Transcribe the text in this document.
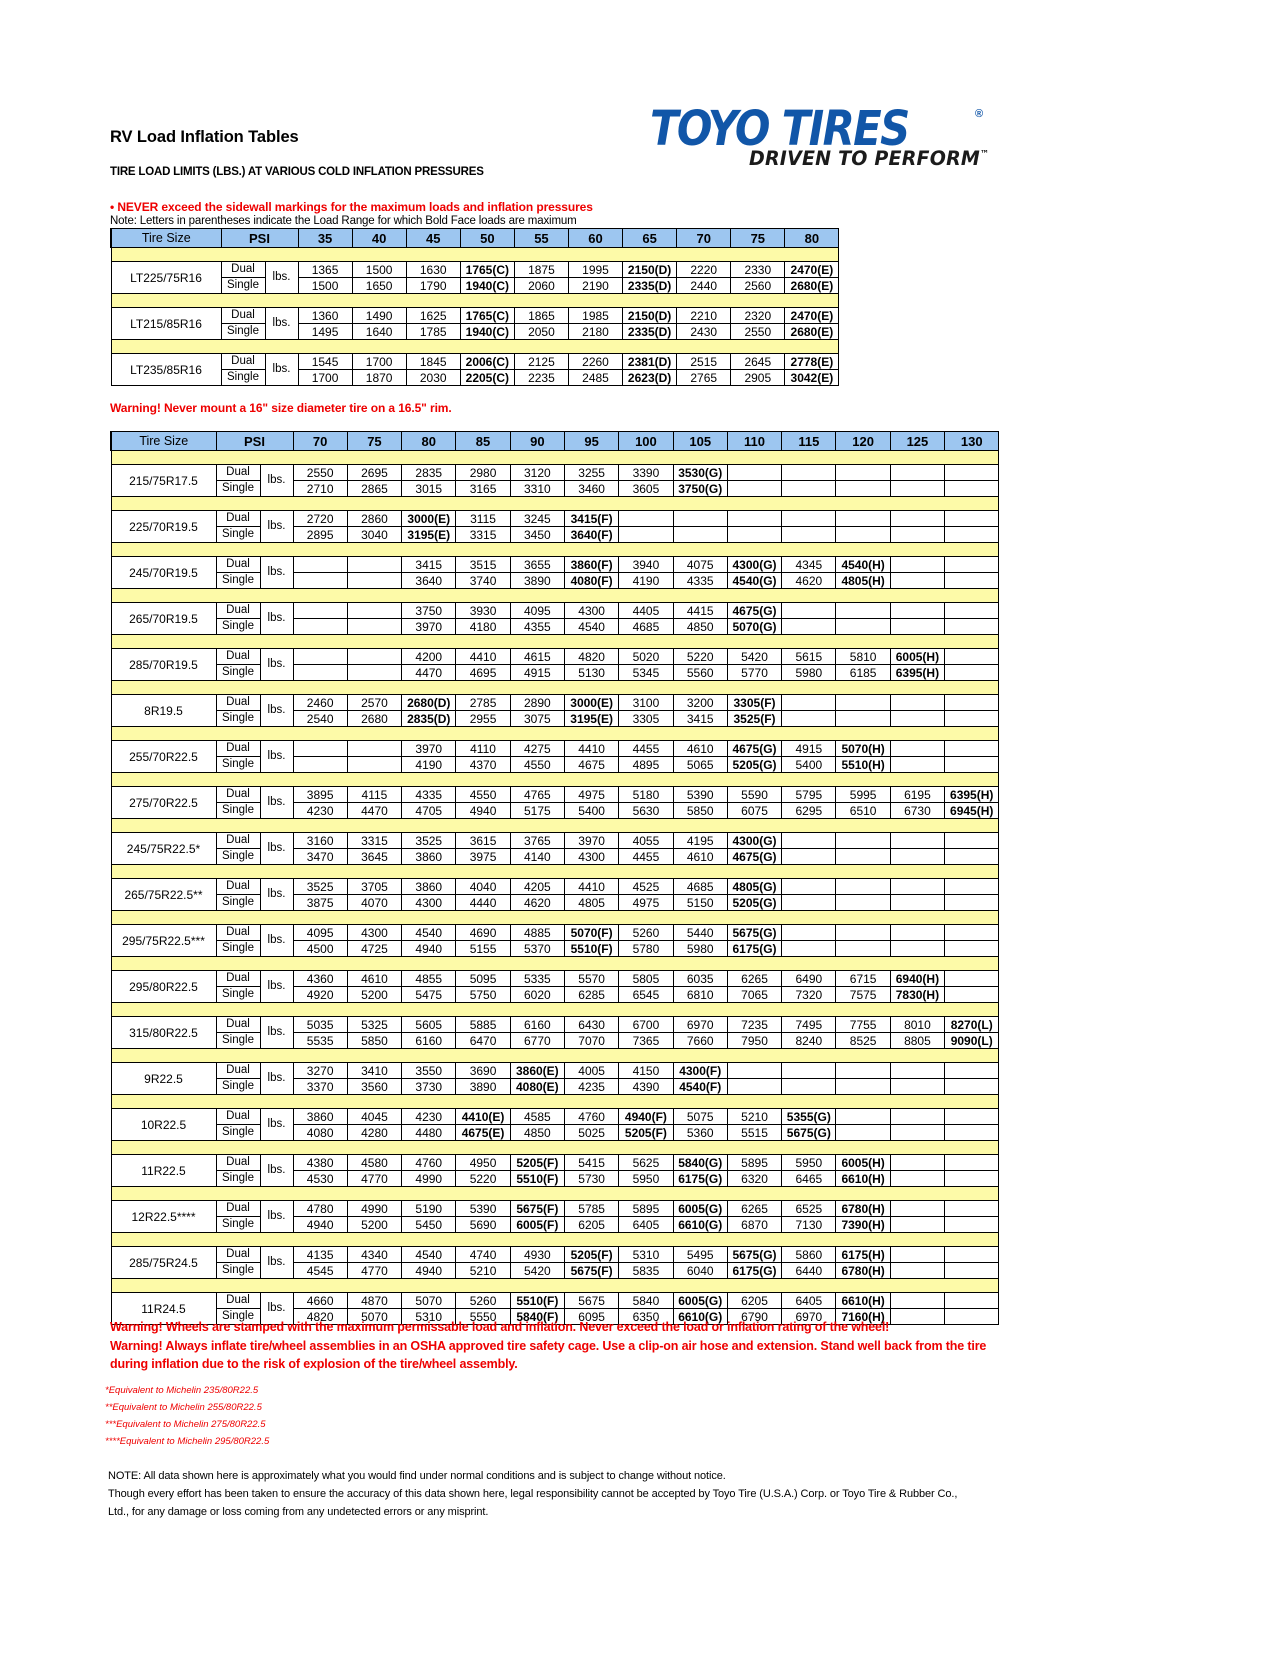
RV Load Inflation Tables
TIRE LOAD LIMITS (LBS.) AT VARIOUS COLD INFLATION PRESSURES
TOYO TIRES	®
DRIVEN TO PERFORM™
• NEVER exceed the sidewall markings for the maximum loads and inflation pressures
Note: Letters in parentheses indicate the Load Range for which Bold Face loads are maximum
Tire Size	PSI		35	40	45	50	55	60	65	70	75	80

LT225/75R16	Dual	lbs.	1365	1500	1630	1765(C)	1875	1995	2150(D)	2220	2330	2470(E)
	Single		1500	1650	1790	1940(C)	2060	2190	2335(D)	2440	2560	2680(E)

LT215/85R16	Dual	lbs.	1360	1490	1625	1765(C)	1865	1985	2150(D)	2210	2320	2470(E)
	Single		1495	1640	1785	1940(C)	2050	2180	2335(D)	2430	2550	2680(E)

LT235/85R16	Dual	lbs.	1545	1700	1845	2006(C)	2125	2260	2381(D)	2515	2645	2778(E)
	Single		1700	1870	2030	2205(C)	2235	2485	2623(D)	2765	2905	3042(E)
Warning! Never mount a 16" size diameter tire on a 16.5" rim.
Tire Size	PSI		70	75	80	85	90	95	100	105	110	115	120	125	130

215/75R17.5	Dual	lbs.	2550	2695	2835	2980	3120	3255	3390	3530(G)					
	Single		2710	2865	3015	3165	3310	3460	3605	3750(G)					

225/70R19.5	Dual	lbs.	2720	2860	3000(E)	3115	3245	3415(F)							
	Single		2895	3040	3195(E)	3315	3450	3640(F)							

245/70R19.5	Dual	lbs.			3415	3515	3655	3860(F)	3940	4075	4300(G)	4345	4540(H)		
	Single				3640	3740	3890	4080(F)	4190	4335	4540(G)	4620	4805(H)		

265/70R19.5	Dual	lbs.			3750	3930	4095	4300	4405	4415	4675(G)				
	Single				3970	4180	4355	4540	4685	4850	5070(G)				

285/70R19.5	Dual	lbs.			4200	4410	4615	4820	5020	5220	5420	5615	5810	6005(H)	
	Single				4470	4695	4915	5130	5345	5560	5770	5980	6185	6395(H)	

8R19.5	Dual	lbs.	2460	2570	2680(D)	2785	2890	3000(E)	3100	3200	3305(F)				
	Single		2540	2680	2835(D)	2955	3075	3195(E)	3305	3415	3525(F)				

255/70R22.5	Dual	lbs.			3970	4110	4275	4410	4455	4610	4675(G)	4915	5070(H)		
	Single				4190	4370	4550	4675	4895	5065	5205(G)	5400	5510(H)		

275/70R22.5	Dual	lbs.	3895	4115	4335	4550	4765	4975	5180	5390	5590	5795	5995	6195	6395(H)
	Single		4230	4470	4705	4940	5175	5400	5630	5850	6075	6295	6510	6730	6945(H)

245/75R22.5*	Dual	lbs.	3160	3315	3525	3615	3765	3970	4055	4195	4300(G)				
	Single		3470	3645	3860	3975	4140	4300	4455	4610	4675(G)				

265/75R22.5**	Dual	lbs.	3525	3705	3860	4040	4205	4410	4525	4685	4805(G)				
	Single		3875	4070	4300	4440	4620	4805	4975	5150	5205(G)				

295/75R22.5***	Dual	lbs.	4095	4300	4540	4690	4885	5070(F)	5260	5440	5675(G)				
	Single		4500	4725	4940	5155	5370	5510(F)	5780	5980	6175(G)				

295/80R22.5	Dual	lbs.	4360	4610	4855	5095	5335	5570	5805	6035	6265	6490	6715	6940(H)	
	Single		4920	5200	5475	5750	6020	6285	6545	6810	7065	7320	7575	7830(H)	

315/80R22.5	Dual	lbs.	5035	5325	5605	5885	6160	6430	6700	6970	7235	7495	7755	8010	8270(L)
	Single		5535	5850	6160	6470	6770	7070	7365	7660	7950	8240	8525	8805	9090(L)

9R22.5	Dual	lbs.	3270	3410	3550	3690	3860(E)	4005	4150	4300(F)					
	Single		3370	3560	3730	3890	4080(E)	4235	4390	4540(F)					

10R22.5	Dual	lbs.	3860	4045	4230	4410(E)	4585	4760	4940(F)	5075	5210	5355(G)			
	Single		4080	4280	4480	4675(E)	4850	5025	5205(F)	5360	5515	5675(G)			

11R22.5	Dual	lbs.	4380	4580	4760	4950	5205(F)	5415	5625	5840(G)	5895	5950	6005(H)		
	Single		4530	4770	4990	5220	5510(F)	5730	5950	6175(G)	6320	6465	6610(H)		

12R22.5****	Dual	lbs.	4780	4990	5190	5390	5675(F)	5785	5895	6005(G)	6265	6525	6780(H)		
	Single		4940	5200	5450	5690	6005(F)	6205	6405	6610(G)	6870	7130	7390(H)		

285/75R24.5	Dual	lbs.	4135	4340	4540	4740	4930	5205(F)	5310	5495	5675(G)	5860	6175(H)		
	Single		4545	4770	4940	5210	5420	5675(F)	5835	6040	6175(G)	6440	6780(H)		

11R24.5	Dual	lbs.	4660	4870	5070	5260	5510(F)	5675	5840	6005(G)	6205	6405	6610(H)		
	Single		4820	5070	5310	5550	5840(F)	6095	6350	6610(G)	6790	6970	7160(H)		
Warning! Wheels are stamped with the maximum permissable load and inflation. Never exceed the load or inflation rating of the wheel!
Warning! Always inflate tire/wheel assemblies in an OSHA approved tire safety cage. Use a clip-on air hose and extension. Stand well back from the tire
during inflation due to the risk of explosion of the tire/wheel assembly.
*Equivalent to Michelin 235/80R22.5
**Equivalent to Michelin 255/80R22.5
***Equivalent to Michelin 275/80R22.5
****Equivalent to Michelin 295/80R22.5
NOTE: All data shown here is approximately what you would find under normal conditions and is subject to change without notice.
Though every effort has been taken to ensure the accuracy of this data shown here, legal responsibility cannot be accepted by Toyo Tire (U.S.A.) Corp. or Toyo Tire & Rubber Co.,
Ltd., for any damage or loss coming from any undetected errors or any misprint.
